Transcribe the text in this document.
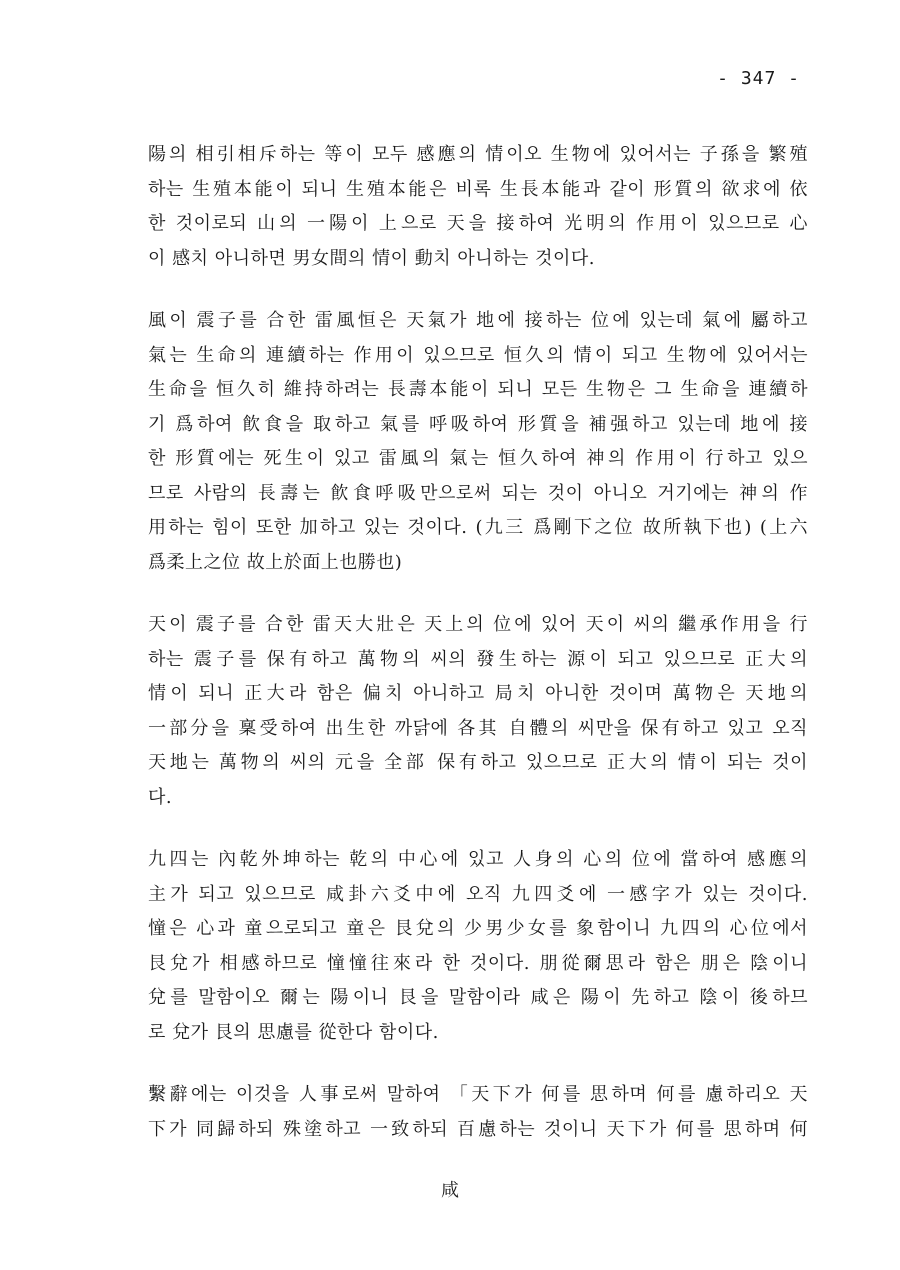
- 347 -

陽의 相引相斥하는 等이 모두 感應의 情이오 生物에 있어서는 子孫을 繁殖
하는 生殖本能이 되니 生殖本能은 비록 生長本能과 같이 形質의 欲求에 依
한 것이로되 山의 一陽이 上으로 天을 接하여 光明의 作用이 있으므로 心
이 感치 아니하면 男女間의 情이 動치 아니하는 것이다.

風이 震子를 合한 雷風恒은 天氣가 地에 接하는 位에 있는데 氣에 屬하고
氣는 生命의 連續하는 作用이 있으므로 恒久의 情이 되고 生物에 있어서는
生命을 恒久히 維持하려는 長壽本能이 되니 모든 生物은 그 生命을 連續하
기 爲하여 飮食을 取하고 氣를 呼吸하여 形質을 補强하고 있는데 地에 接
한 形質에는 死生이 있고 雷風의 氣는 恒久하여 神의 作用이 行하고 있으
므로 사람의 長壽는 飮食呼吸만으로써 되는 것이 아니오 거기에는 神의 作
用하는 힘이 또한 加하고 있는 것이다. (九三 爲剛下之位 故所執下也) (上六
爲柔上之位 故上於面上也勝也)

天이 震子를 合한 雷天大壯은 天上의 位에 있어 天이 씨의 繼承作用을 行
하는 震子를 保有하고 萬物의 씨의 發生하는 源이 되고 있으므로 正大의
情이 되니 正大라 함은 偏치 아니하고 局치 아니한 것이며 萬物은 天地의
一部分을 稟受하여 出生한 까닭에 各其 自體의 씨만을 保有하고 있고 오직
天地는 萬物의 씨의 元을 全部 保有하고 있으므로 正大의 情이 되는 것이
다.

九四는 內乾外坤하는 乾의 中心에 있고 人身의 心의 位에 當하여 感應의
主가 되고 있으므로 咸卦六爻中에 오직 九四爻에 一感字가 있는 것이다.
憧은 心과 童으로되고 童은 艮兌의 少男少女를 象함이니 九四의 心位에서
艮兌가 相感하므로 憧憧往來라 한 것이다. 朋從爾思라 함은 朋은 陰이니
兌를 말함이오 爾는 陽이니 艮을 말함이라 咸은 陽이 先하고 陰이 後하므
로 兌가 艮의 思慮를 從한다 함이다.

繫辭에는 이것을 人事로써 말하여 「天下가 何를 思하며 何를 慮하리오 天
下가 同歸하되 殊塗하고 一致하되 百慮하는 것이니 天下가 何를 思하며 何

咸
